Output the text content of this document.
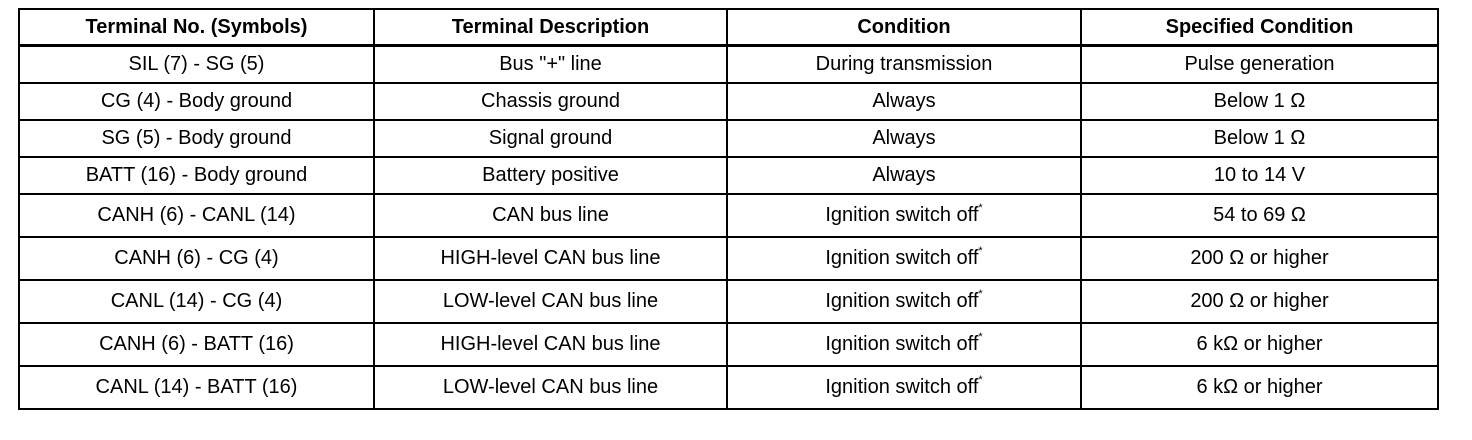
Terminal No. (Symbols)	Terminal Description	Condition	Specified Condition
SIL (7) - SG (5)	Bus "+" line	During transmission	Pulse generation
CG (4) - Body ground	Chassis ground	Always	Below 1 Ω
SG (5) - Body ground	Signal ground	Always	Below 1 Ω
BATT (16) - Body ground	Battery positive	Always	10 to 14 V
CANH (6) - CANL (14)	CAN bus line	Ignition switch off*	54 to 69 Ω
CANH (6) - CG (4)	HIGH-level CAN bus line	Ignition switch off*	200 Ω or higher
CANL (14) - CG (4)	LOW-level CAN bus line	Ignition switch off*	200 Ω or higher
CANH (6) - BATT (16)	HIGH-level CAN bus line	Ignition switch off*	6 kΩ or higher
CANL (14) - BATT (16)	LOW-level CAN bus line	Ignition switch off*	6 kΩ or higher
